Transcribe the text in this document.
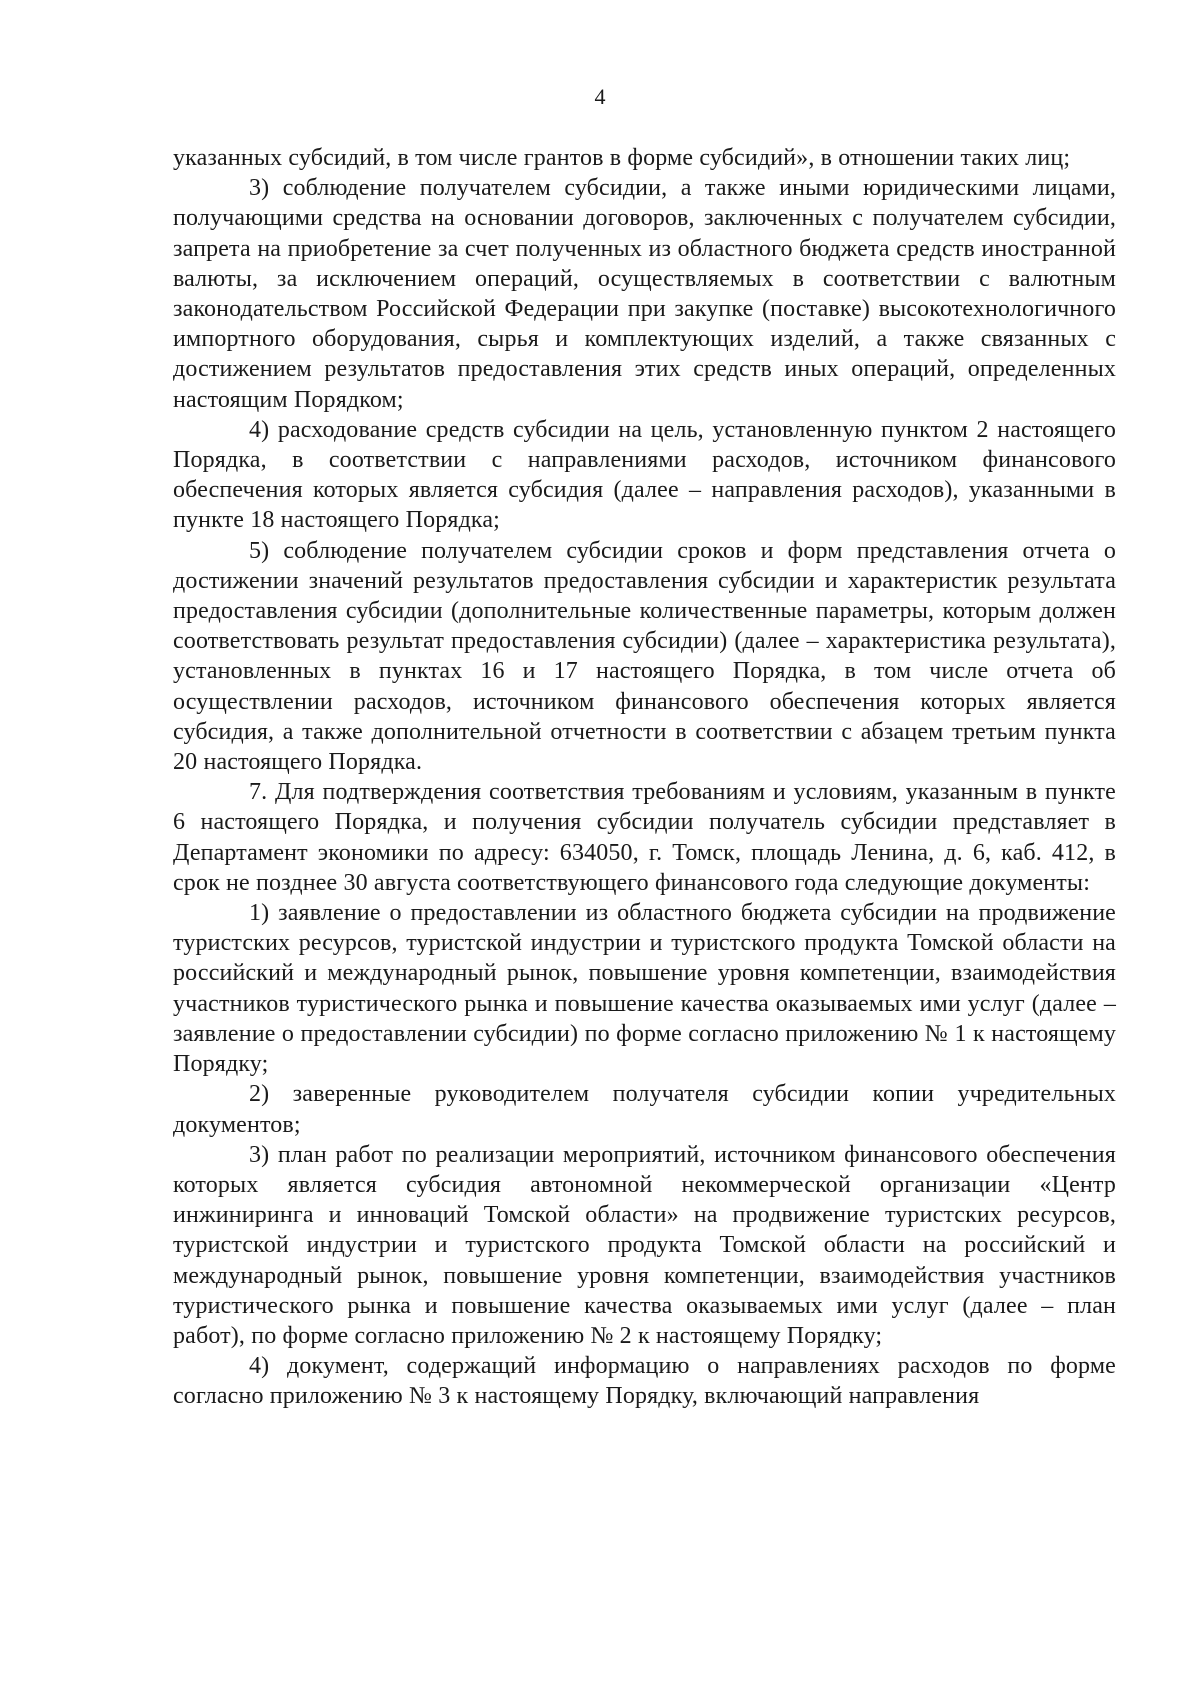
4

указанных субсидий, в том числе грантов в форме субсидий», в отношении таких лиц;

3) соблюдение получателем субсидии, а также иными юридическими лицами, получающими средства на основании договоров, заключенных с получателем субсидии, запрета на приобретение за счет полученных из областного бюджета средств иностранной валюты, за исключением операций, осуществляемых в соответствии с валютным законодательством Российской Федерации при закупке (поставке) высокотехнологичного импортного оборудования, сырья и комплектующих изделий, а также связанных с достижением результатов предоставления этих средств иных операций, определенных настоящим Порядком;

4) расходование средств субсидии на цель, установленную пунктом 2 настоящего Порядка, в соответствии с направлениями расходов, источником финансового обеспечения которых является субсидия (далее – направления расходов), указанными в пункте 18 настоящего Порядка;

5) соблюдение получателем субсидии сроков и форм представления отчета о достижении значений результатов предоставления субсидии и характеристик результата предоставления субсидии (дополнительные количественные параметры, которым должен соответствовать результат предоставления субсидии) (далее – характеристика результата), установленных в пунктах 16 и 17 настоящего Порядка, в том числе отчета об осуществлении расходов, источником финансового обеспечения которых является субсидия, а также дополнительной отчетности в соответствии с абзацем третьим пункта 20 настоящего Порядка.

7. Для подтверждения соответствия требованиям и условиям, указанным в пункте 6 настоящего Порядка, и получения субсидии получатель субсидии представляет в Департамент экономики по адресу: 634050, г. Томск, площадь Ленина, д. 6, каб. 412, в срок не позднее 30 августа соответствующего финансового года следующие документы:

1) заявление о предоставлении из областного бюджета субсидии на продвижение туристских ресурсов, туристской индустрии и туристского продукта Томской области на российский и международный рынок, повышение уровня компетенции, взаимодействия участников туристического рынка и повышение качества оказываемых ими услуг (далее – заявление о предоставлении субсидии) по форме согласно приложению № 1 к настоящему Порядку;

2) заверенные руководителем получателя субсидии копии учредительных документов;

3) план работ по реализации мероприятий, источником финансового обеспечения которых является субсидия автономной некоммерческой организации «Центр инжиниринга и инноваций Томской области» на продвижение туристских ресурсов, туристской индустрии и туристского продукта Томской области на российский и международный рынок, повышение уровня компетенции, взаимодействия участников туристического рынка и повышение качества оказываемых ими услуг (далее – план работ), по форме согласно приложению № 2 к настоящему Порядку;

4) документ, содержащий информацию о направлениях расходов по форме согласно приложению № 3 к настоящему Порядку, включающий направления
